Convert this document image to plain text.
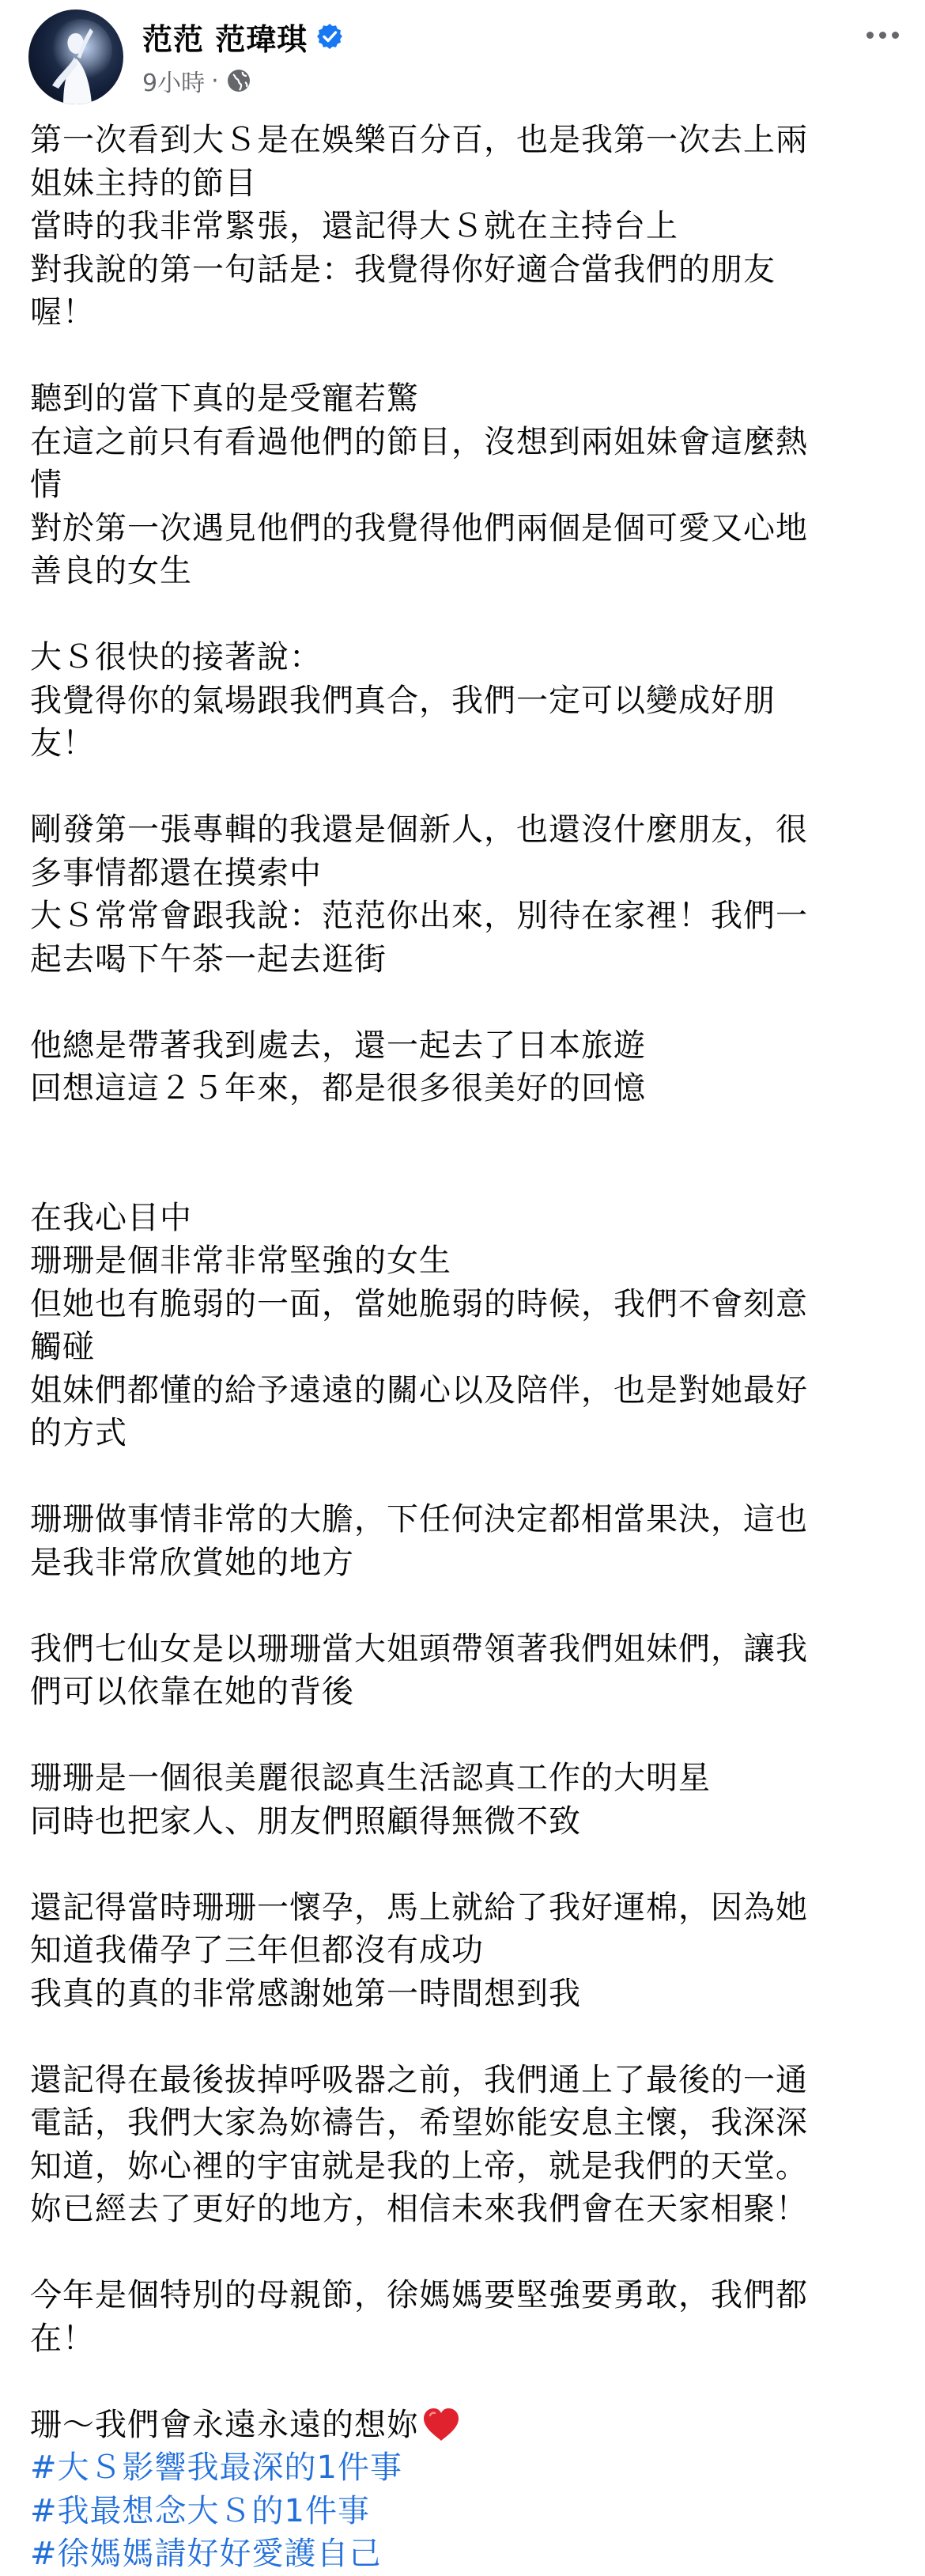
范范 范瑋琪
9小時 ·
第一次看到大Ｓ是在娛樂百分百，也是我第一次去上兩
姐妹主持的節目
當時的我非常緊張，還記得大Ｓ就在主持台上
對我說的第一句話是：我覺得你好適合當我們的朋友
喔！
聽到的當下真的是受寵若驚
在這之前只有看過他們的節目，沒想到兩姐妹會這麼熱
情
對於第一次遇見他們的我覺得他們兩個是個可愛又心地
善良的女生
大Ｓ很快的接著說：
我覺得你的氣場跟我們真合，我們一定可以變成好朋
友！
剛發第一張專輯的我還是個新人，也還沒什麼朋友，很
多事情都還在摸索中
大Ｓ常常會跟我說：范范你出來，別待在家裡！我們一
起去喝下午茶一起去逛街
他總是帶著我到處去，還一起去了日本旅遊
回想這這２５年來，都是很多很美好的回憶
在我心目中
珊珊是個非常非常堅強的女生
但她也有脆弱的一面，當她脆弱的時候，我們不會刻意
觸碰
姐妹們都懂的給予遠遠的關心以及陪伴，也是對她最好
的方式
珊珊做事情非常的大膽，下任何決定都相當果決，這也
是我非常欣賞她的地方
我們七仙女是以珊珊當大姐頭帶領著我們姐妹們，讓我
們可以依靠在她的背後
珊珊是一個很美麗很認真生活認真工作的大明星
同時也把家人、朋友們照顧得無微不致
還記得當時珊珊一懷孕，馬上就給了我好運棉，因為她
知道我備孕了三年但都沒有成功
我真的真的非常感謝她第一時間想到我
還記得在最後拔掉呼吸器之前，我們通上了最後的一通
電話，我們大家為妳禱告，希望妳能安息主懷，我深深
知道，妳心裡的宇宙就是我的上帝，就是我們的天堂。
妳已經去了更好的地方，相信未來我們會在天家相聚！
今年是個特別的母親節，徐媽媽要堅強要勇敢，我們都
在！
珊～我們會永遠永遠的想妳
#大Ｓ影響我最深的1件事
#我最想念大Ｓ的1件事
#徐媽媽請好好愛護自己
